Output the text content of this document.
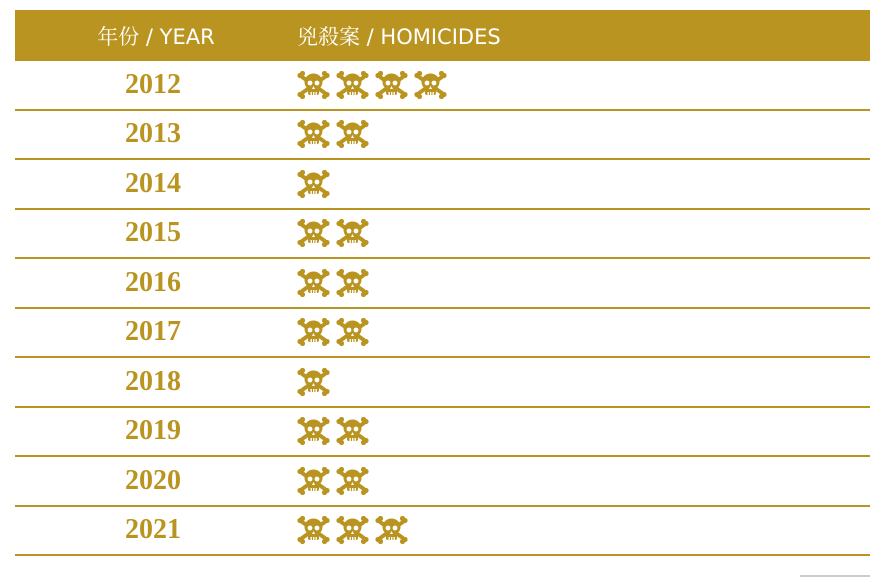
年份 / YEAR	兇殺案 / HOMICIDES
2012
2013
2014
2015
2016
2017
2018
2019
2020
2021
